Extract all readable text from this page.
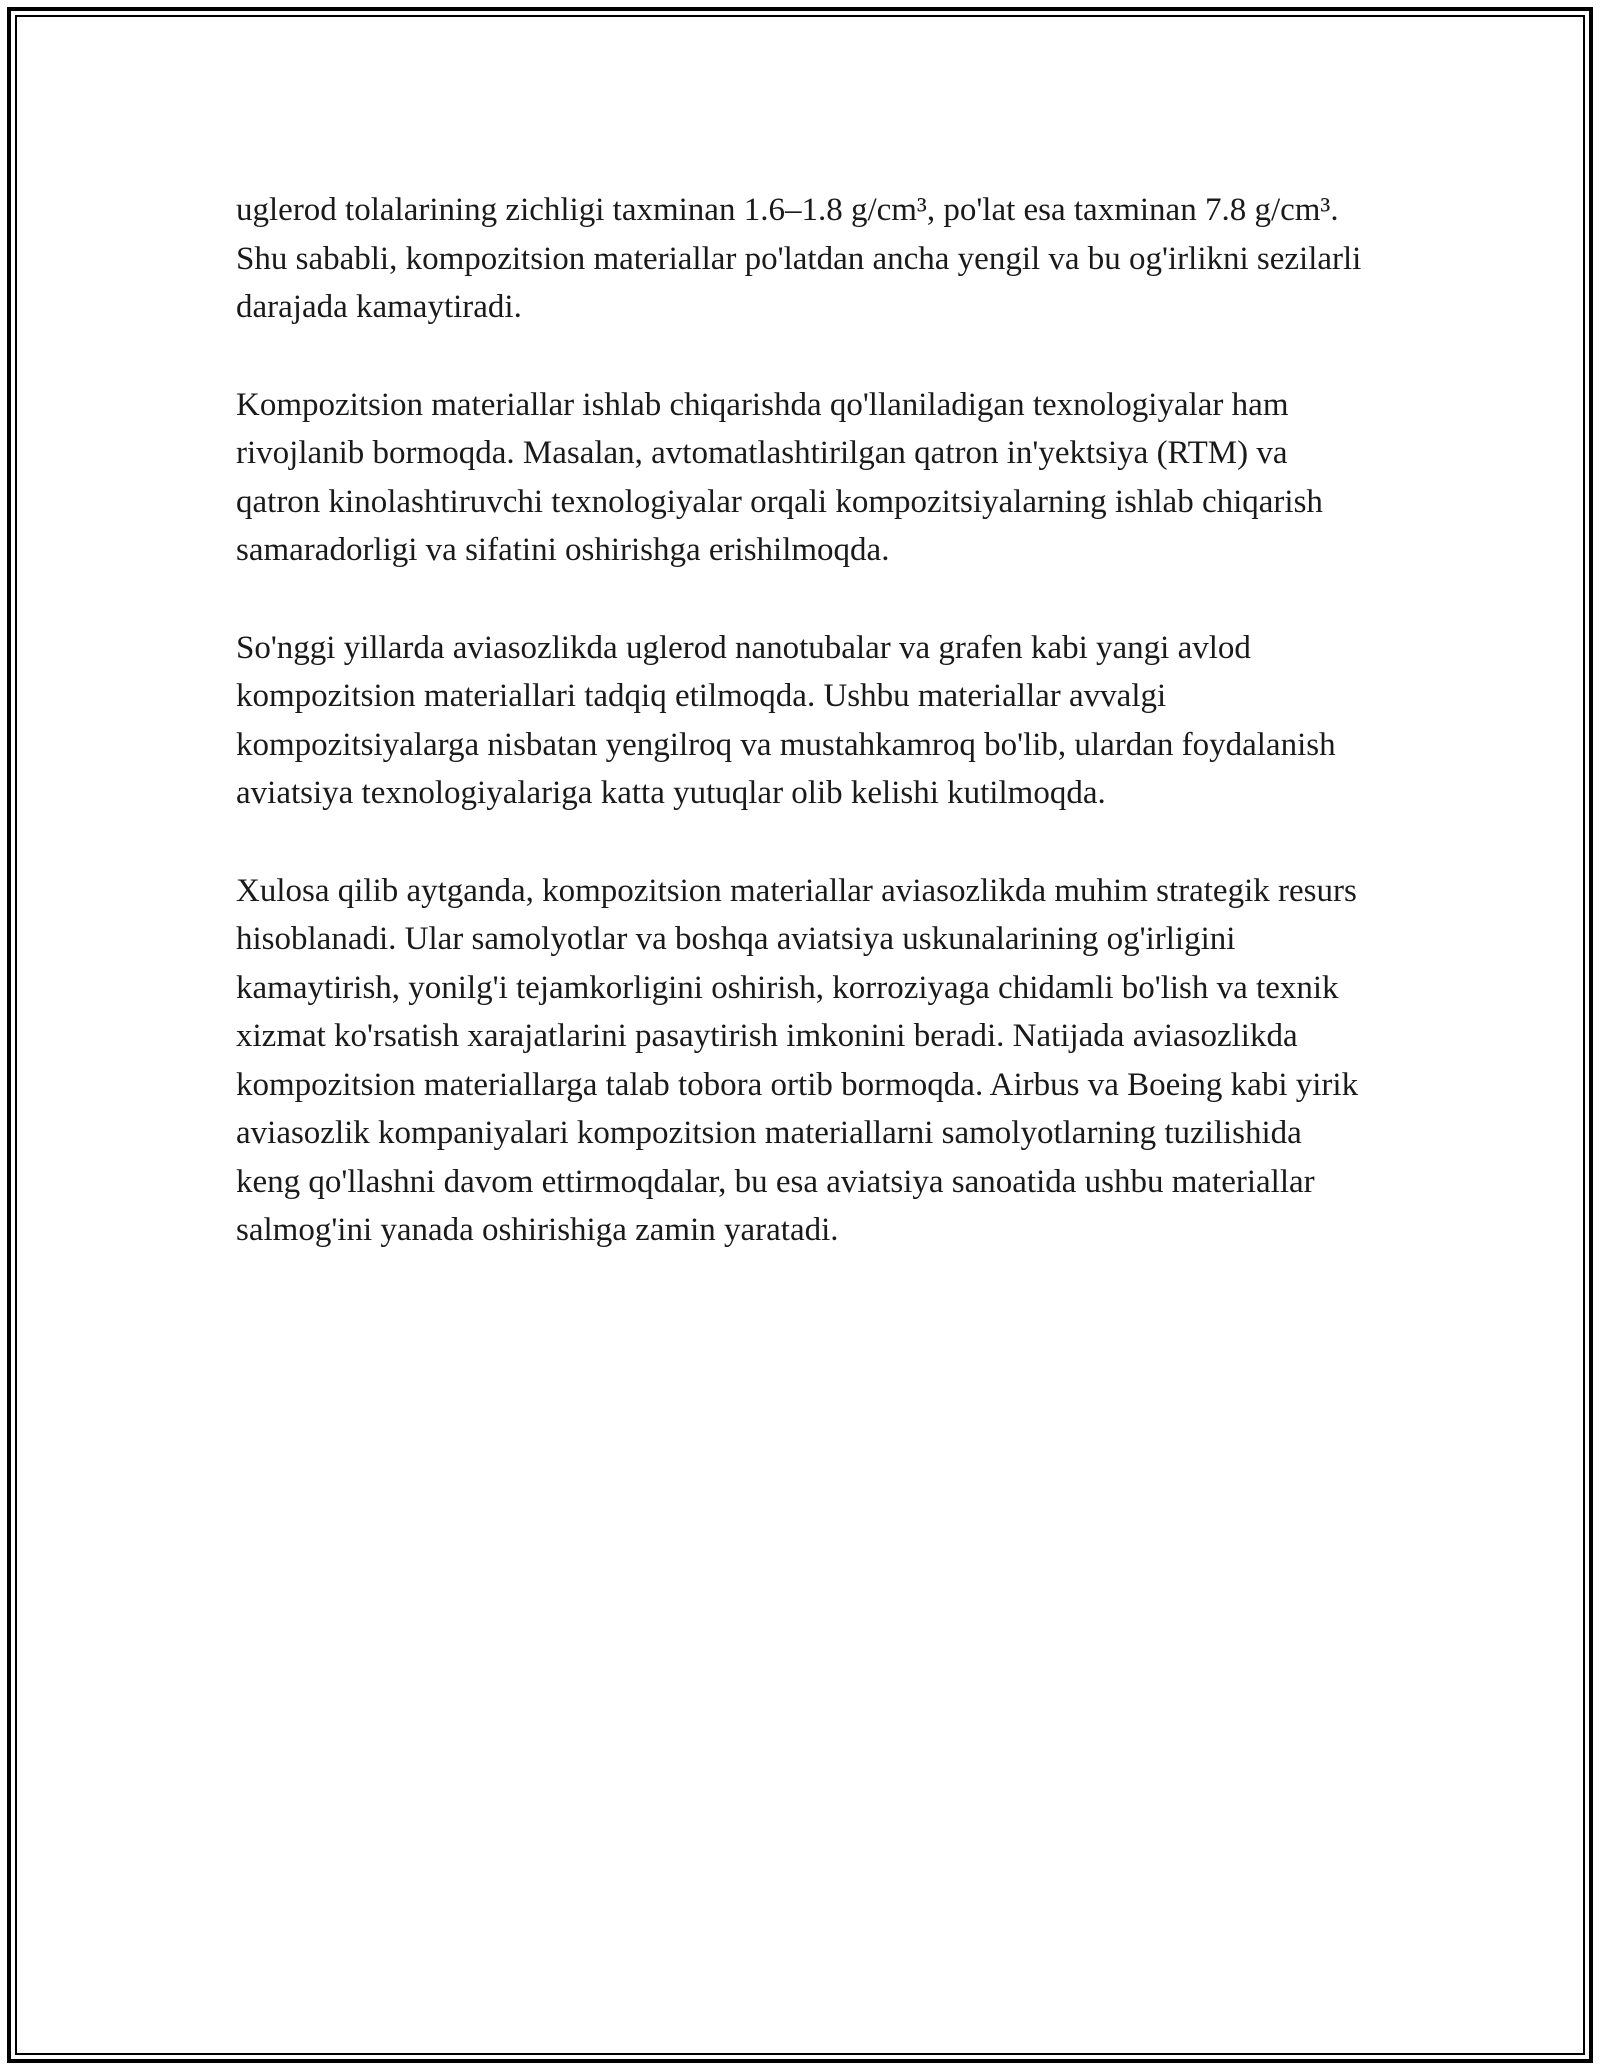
uglerod tolalarining zichligi taxminan 1.6–1.8 g/cm³, po'lat esa taxminan 7.8 g/cm³. Shu sababli, kompozitsion materiallar po'latdan ancha yengil va bu og'irlikni sezilarli darajada kamaytiradi.

Kompozitsion materiallar ishlab chiqarishda qo'llaniladigan texnologiyalar ham rivojlanib bormoqda. Masalan, avtomatlashtirilgan qatron in'yektsiya (RTM) va qatron kinolashtiruvchi texnologiyalar orqali kompozitsiyalarning ishlab chiqarish samaradorligi va sifatini oshirishga erishilmoqda.

So'nggi yillarda aviasozlikda uglerod nanotubalar va grafen kabi yangi avlod kompozitsion materiallari tadqiq etilmoqda. Ushbu materiallar avvalgi kompozitsiyalarga nisbatan yengilroq va mustahkamroq bo'lib, ulardan foydalanish aviatsiya texnologiyalariga katta yutuqlar olib kelishi kutilmoqda.

Xulosa qilib aytganda, kompozitsion materiallar aviasozlikda muhim strategik resurs hisoblanadi. Ular samolyotlar va boshqa aviatsiya uskunalarining og'irligini kamaytirish, yonilg'i tejamkorligini oshirish, korroziyaga chidamli bo'lish va texnik xizmat ko'rsatish xarajatlarini pasaytirish imkonini beradi. Natijada aviasozlikda kompozitsion materiallarga talab tobora ortib bormoqda. Airbus va Boeing kabi yirik aviasozlik kompaniyalari kompozitsion materiallarni samolyotlarning tuzilishida keng qo'llashni davom ettirmoqdalar, bu esa aviatsiya sanoatida ushbu materiallar salmog'ini yanada oshirishiga zamin yaratadi.
